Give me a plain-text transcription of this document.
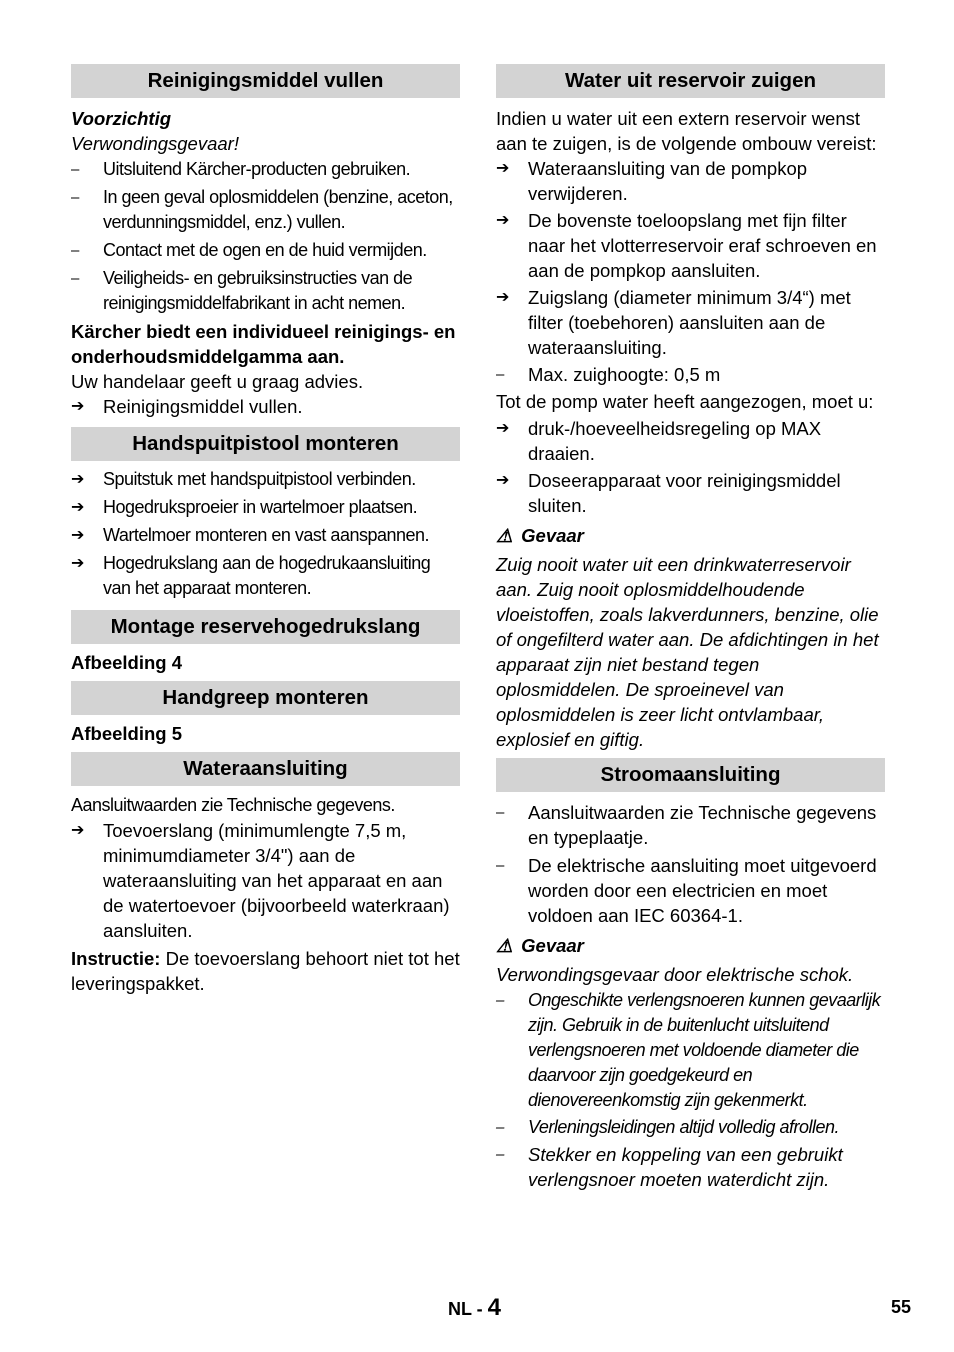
Reinigingsmiddel vullen
Voorzichtig
Verwondingsgevaar!
–	Uitsluitend Kärcher-producten gebruiken.
–	In geen geval oplosmiddelen (benzine, aceton, verdunningsmiddel, enz.) vullen.
–	Contact met de ogen en de huid vermijden.
–	Veiligheids- en gebruiksinstructies van de reinigingsmiddelfabrikant in acht nemen.
Kärcher biedt een individueel reinigings- en onderhoudsmiddelgamma aan.
Uw handelaar geeft u graag advies.
➔	Reinigingsmiddel vullen.
Handspuitpistool monteren
➔	Spuitstuk met handspuitpistool verbinden.
➔	Hogedruksproeier in wartelmoer plaatsen.
➔	Wartelmoer monteren en vast aanspannen.
➔	Hogedrukslang aan de hogedrukaansluiting van het apparaat monteren.
Montage reservehogedrukslang
Afbeelding 4
Handgreep monteren
Afbeelding 5
Wateraansluiting
Aansluitwaarden zie Technische gegevens.
➔	Toevoerslang (minimumlengte 7,5 m, minimumdiameter 3/4") aan de wateraansluiting van het apparaat en aan de watertoevoer (bijvoorbeeld waterkraan) aansluiten.
Instructie: De toevoerslang behoort niet tot het leveringspakket.
Water uit reservoir zuigen
Indien u water uit een extern reservoir wenst aan te zuigen, is de volgende ombouw vereist:
➔	Wateraansluiting van de pompkop verwijderen.
➔	De bovenste toeloopslang met fijn filter naar het vlotterreservoir eraf schroeven en aan de pompkop aansluiten.
➔	Zuigslang (diameter minimum 3/4“) met filter (toebehoren) aansluiten aan de wateraansluiting.
–	Max. zuighoogte: 0,5 m
Tot de pomp water heeft aangezogen, moet u:
➔	druk-/hoeveelheidsregeling op MAX draaien.
➔	Doseerapparaat voor reinigingsmiddel sluiten.
⚠ Gevaar
Zuig nooit water uit een drinkwaterreservoir aan. Zuig nooit oplosmiddelhoudende vloeistoffen, zoals lakverdunners, benzine, olie of ongefilterd water aan. De afdichtingen in het apparaat zijn niet bestand tegen oplosmiddelen. De sproeinevel van oplosmiddelen is zeer licht ontvlambaar, explosief en giftig.
Stroomaansluiting
–	Aansluitwaarden zie Technische gegevens en typeplaatje.
–	De elektrische aansluiting moet uitgevoerd worden door een electricien en moet voldoen aan IEC 60364-1.
⚠ Gevaar
Verwondingsgevaar door elektrische schok.
–	Ongeschikte verlengsnoeren kunnen gevaarlijk zijn. Gebruik in de buitenlucht uitsluitend verlengsnoeren met voldoende diameter die daarvoor zijn goedgekeurd en dienovereenkomstig zijn gekenmerkt.
–	Verleningsleidingen altijd volledig afrollen.
–	Stekker en koppeling van een gebruikt verlengsnoer moeten waterdicht zijn.
NL - 4	55
